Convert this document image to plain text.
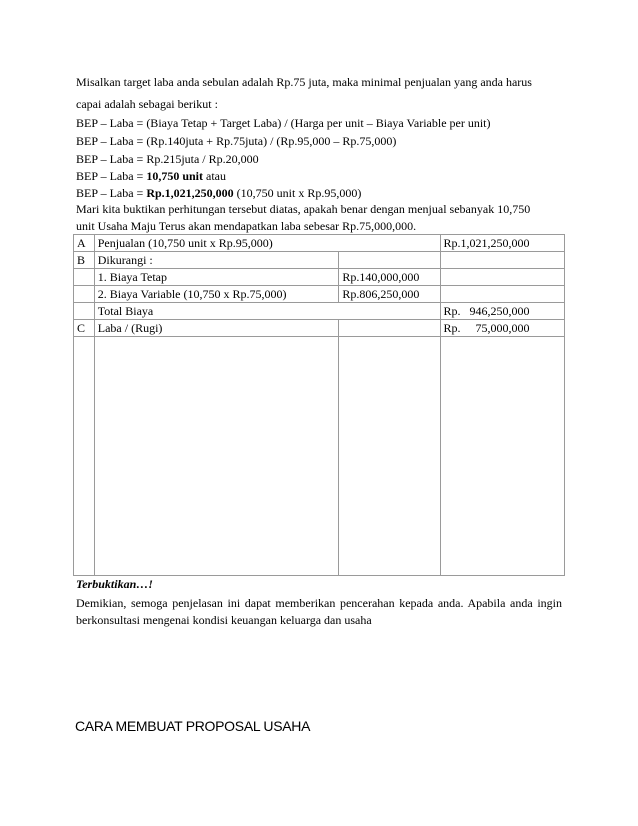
Misalkan target laba anda sebulan adalah Rp.75 juta, maka minimal penjualan yang anda harus
capai adalah sebagai berikut :
BEP – Laba = (Biaya Tetap + Target Laba) / (Harga per unit – Biaya Variable per unit)
BEP – Laba = (Rp.140juta + Rp.75juta) / (Rp.95,000 – Rp.75,000)
BEP – Laba = Rp.215juta / Rp.20,000
BEP – Laba = 10,750 unit atau
BEP – Laba = Rp.1,021,250,000 (10,750 unit x Rp.95,000)
Mari kita buktikan perhitungan tersebut diatas, apakah benar dengan menjual sebanyak 10,750
unit Usaha Maju Terus akan mendapatkan laba sebesar Rp.75,000,000.
A	Penjualan (10,750 unit x Rp.95,000)		Rp.1,021,250,000
B	Dikurangi :		
	1. Biaya Tetap	Rp.140,000,000	
	2. Biaya Variable (10,750 x Rp.75,000)	Rp.806,250,000	
	Total Biaya		Rp.   946,250,000
C	Laba / (Rugi)		Rp.     75,000,000

Terbuktikan…!
Demikian, semoga penjelasan ini dapat memberikan pencerahan kepada anda. Apabila anda ingin berkonsultasi mengenai kondisi keuangan keluarga dan usaha
CARA MEMBUAT PROPOSAL USAHA
